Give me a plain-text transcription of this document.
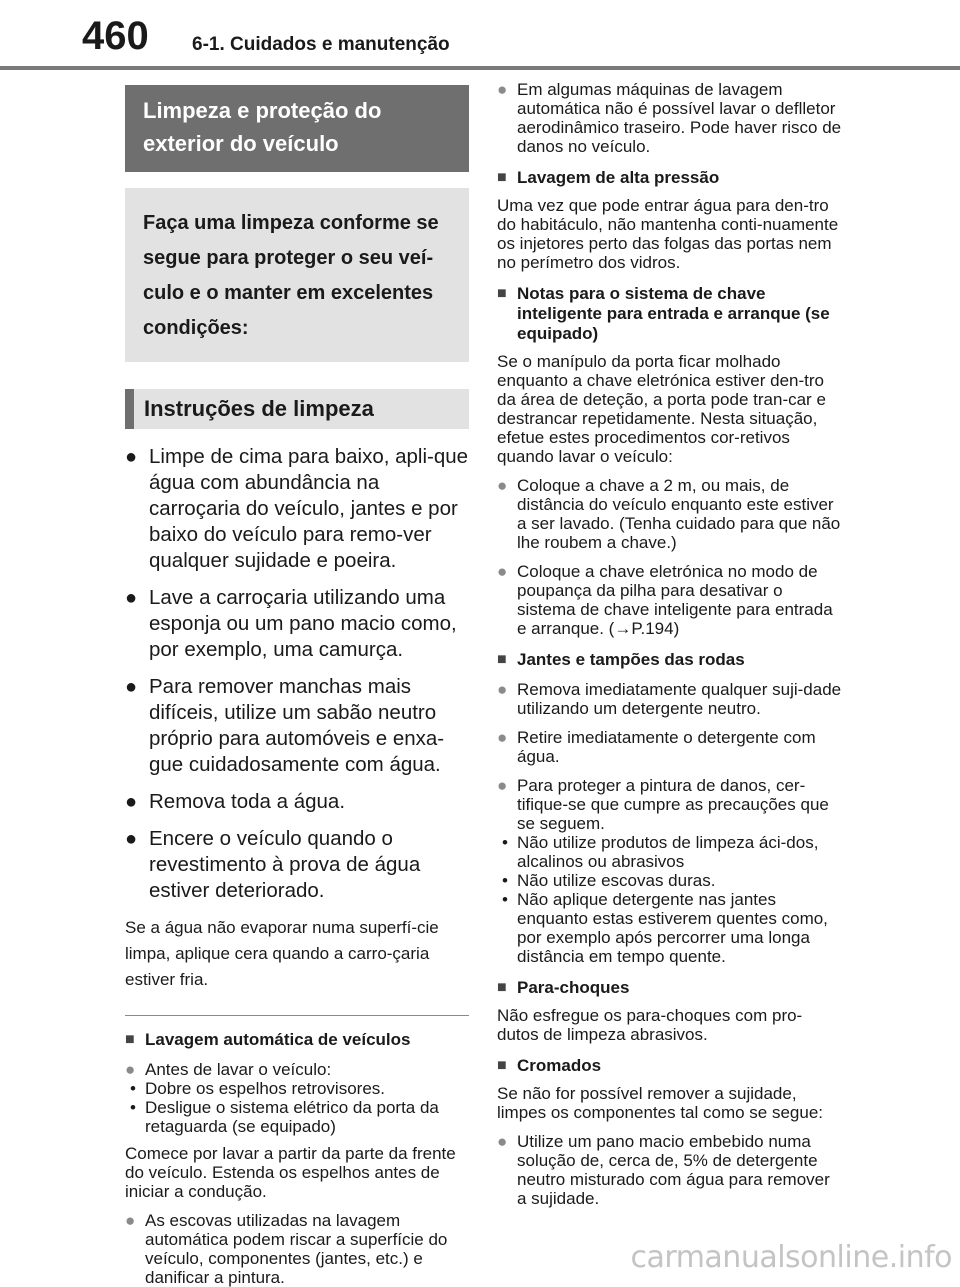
460 6-1. Cuidados e manutenção
Limpeza e proteção do exterior do veículo
Faça uma limpeza conforme se segue para proteger o seu veí-culo e o manter em excelentes condições:
Instruções de limpeza
● Limpe de cima para baixo, apli-que água com abundância na carroçaria do veículo, jantes e por baixo do veículo para remo-ver qualquer sujidade e poeira.
● Lave a carroçaria utilizando uma esponja ou um pano macio como, por exemplo, uma camurça.
● Para remover manchas mais difíceis, utilize um sabão neutro próprio para automóveis e enxa-gue cuidadosamente com água.
● Remova toda a água.
● Encere o veículo quando o revestimento à prova de água estiver deteriorado.
Se a água não evaporar numa superfí-cie limpa, aplique cera quando a carro-çaria estiver fria.
■ Lavagem automática de veículos
● Antes de lavar o veículo:
• Dobre os espelhos retrovisores.
• Desligue o sistema elétrico da porta da retaguarda (se equipado)
Comece por lavar a partir da parte da frente do veículo. Estenda os espelhos antes de iniciar a condução.
● As escovas utilizadas na lavagem automática podem riscar a superfície do veículo, componentes (jantes, etc.) e danificar a pintura.
● Em algumas máquinas de lavagem automática não é possível lavar o deflletor aerodinâmico traseiro. Pode haver risco de danos no veículo.
■ Lavagem de alta pressão
Uma vez que pode entrar água para den-tro do habitáculo, não mantenha conti-nuamente os injetores perto das folgas das portas nem no perímetro dos vidros.
■ Notas para o sistema de chave inteligente para entrada e arranque (se equipado)
Se o manípulo da porta ficar molhado enquanto a chave eletrónica estiver den-tro da área de deteção, a porta pode tran-car e destrancar repetidamente. Nesta situação, efetue estes procedimentos cor-retivos quando lavar o veículo:
● Coloque a chave a 2 m, ou mais, de distância do veículo enquanto este estiver a ser lavado. (Tenha cuidado para que não lhe roubem a chave.)
● Coloque a chave eletrónica no modo de poupança da pilha para desativar o sistema de chave inteligente para entrada e arranque. (→P.194)
■ Jantes e tampões das rodas
● Remova imediatamente qualquer suji-dade utilizando um detergente neutro.
● Retire imediatamente o detergente com água.
● Para proteger a pintura de danos, cer-tifique-se que cumpre as precauções que se seguem.
• Não utilize produtos de limpeza áci-dos, alcalinos ou abrasivos
• Não utilize escovas duras.
• Não aplique detergente nas jantes enquanto estas estiverem quentes como, por exemplo após percorrer uma longa distância em tempo quente.
■ Para-choques
Não esfregue os para-choques com pro-dutos de limpeza abrasivos.
■ Cromados
Se não for possível remover a sujidade, limpes os componentes tal como se segue:
● Utilize um pano macio embebido numa solução de, cerca de, 5% de detergente neutro misturado com água para remover a sujidade.
carmanualsonline.info
